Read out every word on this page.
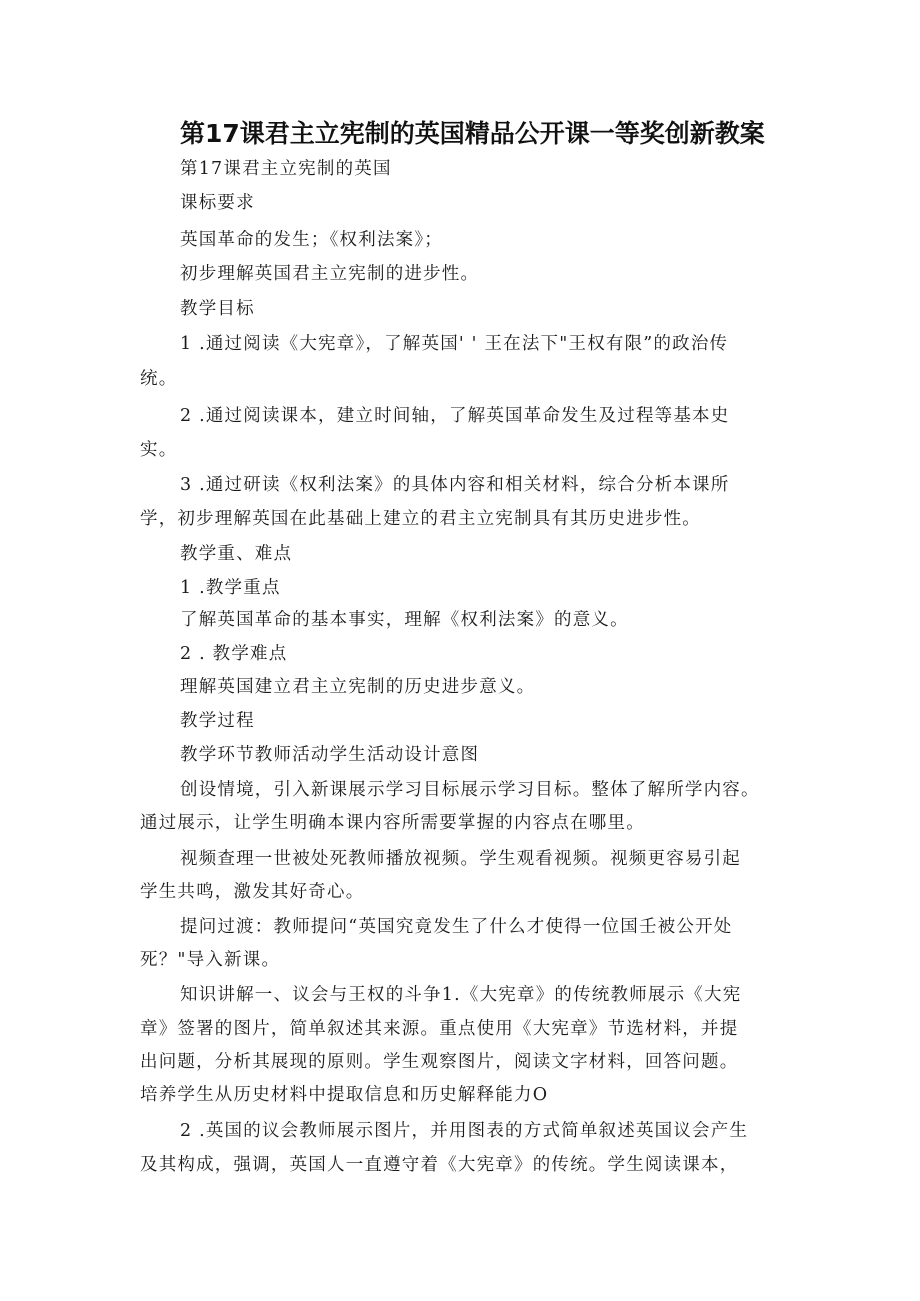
第17课君主立宪制的英国精品公开课一等奖创新教案
第17课君主立宪制的英国
课标要求
英国革命的发生；《权利法案》；
初步理解英国君主立宪制的进步性。
教学目标
1 .通过阅读《大宪章》，了解英国' ' 王在法下"王权有限”的政治传
统。
2 .通过阅读课本，建立时间轴，了解英国革命发生及过程等基本史
实。
3 .通过研读《权利法案》的具体内容和相关材料，综合分析本课所
学，初步理解英国在此基础上建立的君主立宪制具有其历史进步性。
教学重、难点
1 .教学重点
了解英国革命的基本事实，理解《权利法案》的意义。
2 . 教学难点
理解英国建立君主立宪制的历史进步意义。
教学过程
教学环节教师活动学生活动设计意图
创设情境，引入新课展示学习目标展示学习目标。整体了解所学内容。
通过展示，让学生明确本课内容所需要掌握的内容点在哪里。
视频查理一世被处死教师播放视频。学生观看视频。视频更容易引起
学生共鸣，激发其好奇心。
提问过渡：教师提问“英国究竟发生了什么才使得一位国壬被公开处
死？"导入新课。
知识讲解一、议会与王权的斗争1.《大宪章》的传统教师展示《大宪
章》签署的图片，简单叙述其来源。重点使用《大宪章》节选材料，并提
出问题，分析其展现的原则。学生观察图片，阅读文字材料，回答问题。
培养学生从历史材料中提取信息和历史解释能力O
2 .英国的议会教师展示图片，并用图表的方式简单叙述英国议会产生
及其构成，强调，英国人一直遵守着《大宪章》的传统。学生阅读课本，
